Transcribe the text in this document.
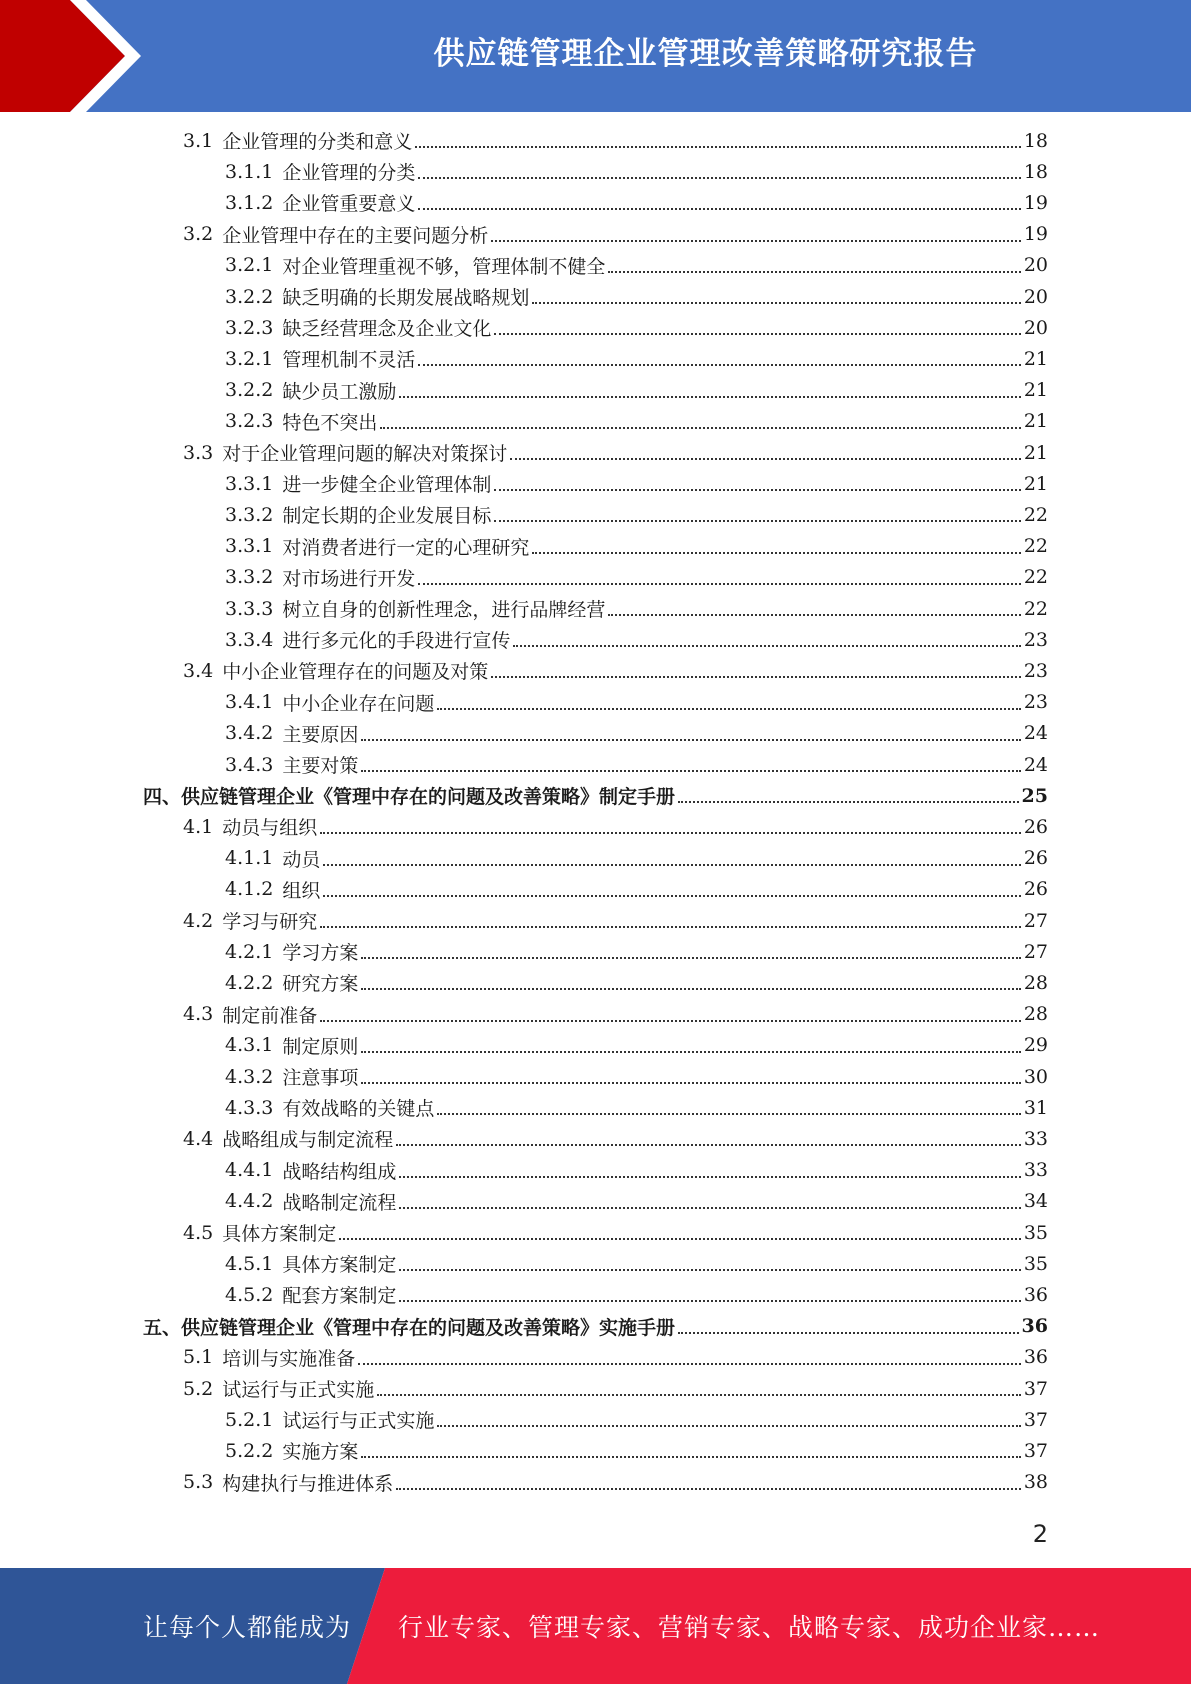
供应链管理企业管理改善策略研究报告
3.1 企业管理的分类和意义	18
3.1.1 企业管理的分类	18
3.1.2 企业管重要意义	19
3.2 企业管理中存在的主要问题分析	19
3.2.1 对企业管理重视不够，管理体制不健全	20
3.2.2 缺乏明确的长期发展战略规划	20
3.2.3 缺乏经营理念及企业文化	20
3.2.1 管理机制不灵活	21
3.2.2 缺少员工激励	21
3.2.3 特色不突出	21
3.3 对于企业管理问题的解决对策探讨	21
3.3.1 进一步健全企业管理体制	21
3.3.2 制定长期的企业发展目标	22
3.3.1 对消费者进行一定的心理研究	22
3.3.2 对市场进行开发	22
3.3.3 树立自身的创新性理念，进行品牌经营	22
3.3.4 进行多元化的手段进行宣传	23
3.4 中小企业管理存在的问题及对策	23
3.4.1 中小企业存在问题	23
3.4.2 主要原因	24
3.4.3 主要对策	24
四、 供应链管理企业《管理中存在的问题及改善策略》制定手册	25
4.1 动员与组织	26
4.1.1 动员	26
4.1.2 组织	26
4.2 学习与研究	27
4.2.1 学习方案	27
4.2.2 研究方案	28
4.3 制定前准备	28
4.3.1 制定原则	29
4.3.2 注意事项	30
4.3.3 有效战略的关键点	31
4.4 战略组成与制定流程	33
4.4.1 战略结构组成	33
4.4.2 战略制定流程	34
4.5 具体方案制定	35
4.5.1 具体方案制定	35
4.5.2 配套方案制定	36
五、 供应链管理企业《管理中存在的问题及改善策略》实施手册	36
5.1 培训与实施准备	36
5.2 试运行与正式实施	37
5.2.1 试运行与正式实施	37
5.2.2 实施方案	37
5.3 构建执行与推进体系	38
2
让每个人都能成为 行业专家、管理专家、营销专家、战略专家、成功企业家……
